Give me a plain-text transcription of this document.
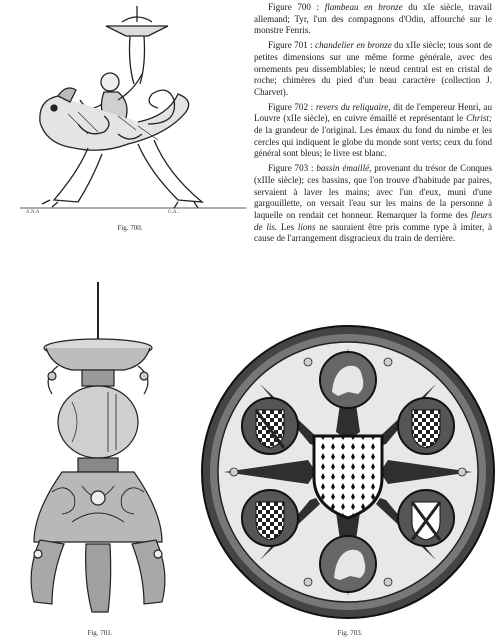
A.N.A	G.A...
Fig. 700.

Figure 700 : flambeau en bronze du xIe siècle, travail allemand; Tyr, l'un des compagnons d'Odin, affourché sur le monstre Fenris.

Figure 701 : chandelier en bronze du xIIe siècle; tous sont de petites dimensions sur une même forme générale, avec des ornements peu dissemblables; le nœud central est en cristal de roche; chimères du pied d'un beau caractère (collection J. Charvet).

Figure 702 : revers du reliquaire, dit de l'empereur Henri, au Louvre (xIIe siècle), en cuivre émaillé et représentant le Christ; de la grandeur de l'original. Les émaux du fond du nimbe et les cercles qui indiquent le globe du monde sont verts; ceux du fond général sont bleus; le livre est blanc.

Figure 703 : bassin émaillé, provenant du trésor de Conques (xIIIe siècle); ces bassins, que l'on trouve d'habitude par paires, servaient à laver les mains; avec l'un d'eux, muni d'une gargouillette, on versait l'eau sur les mains de la personne à laquelle on rendait cet honneur. Remarquer la forme des fleurs de lis. Les lions ne sauraient être pris comme type à imiter, à cause de l'arrangement disgracieux du train de derrière.

Fig. 701.	Fig. 703.
